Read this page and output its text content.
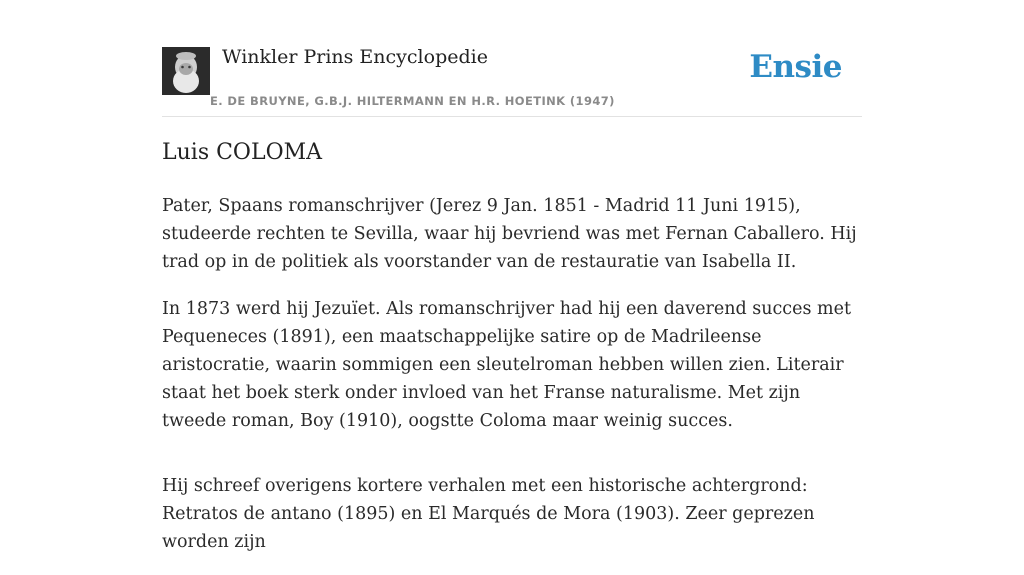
Winkler Prins Encyclopedie
E. DE BRUYNE, G.B.J. HILTERMANN EN H.R. HOETINK (1947)
Ensie
Luis COLOMA

Pater, Spaans romanschrijver (Jerez 9 Jan. 1851 - Madrid 11 Juni 1915), studeerde rechten te Sevilla, waar hij bevriend was met Fernan Caballero. Hij trad op in de politiek als voorstander van de restauratie van Isabella II.

In 1873 werd hij Jezuïet. Als romanschrijver had hij een daverend succes met Pequeneces (1891), een maatschappelijke satire op de Madrileense aristocratie, waarin sommigen een sleutelroman hebben willen zien. Literair staat het boek sterk onder invloed van het Franse naturalisme. Met zijn tweede roman, Boy (1910), oogstte Coloma maar weinig succes.

Hij schreef overigens kortere verhalen met een historische achtergrond: Retratos de antano (1895) en El Marqués de Mora (1903). Zeer geprezen worden zijn
